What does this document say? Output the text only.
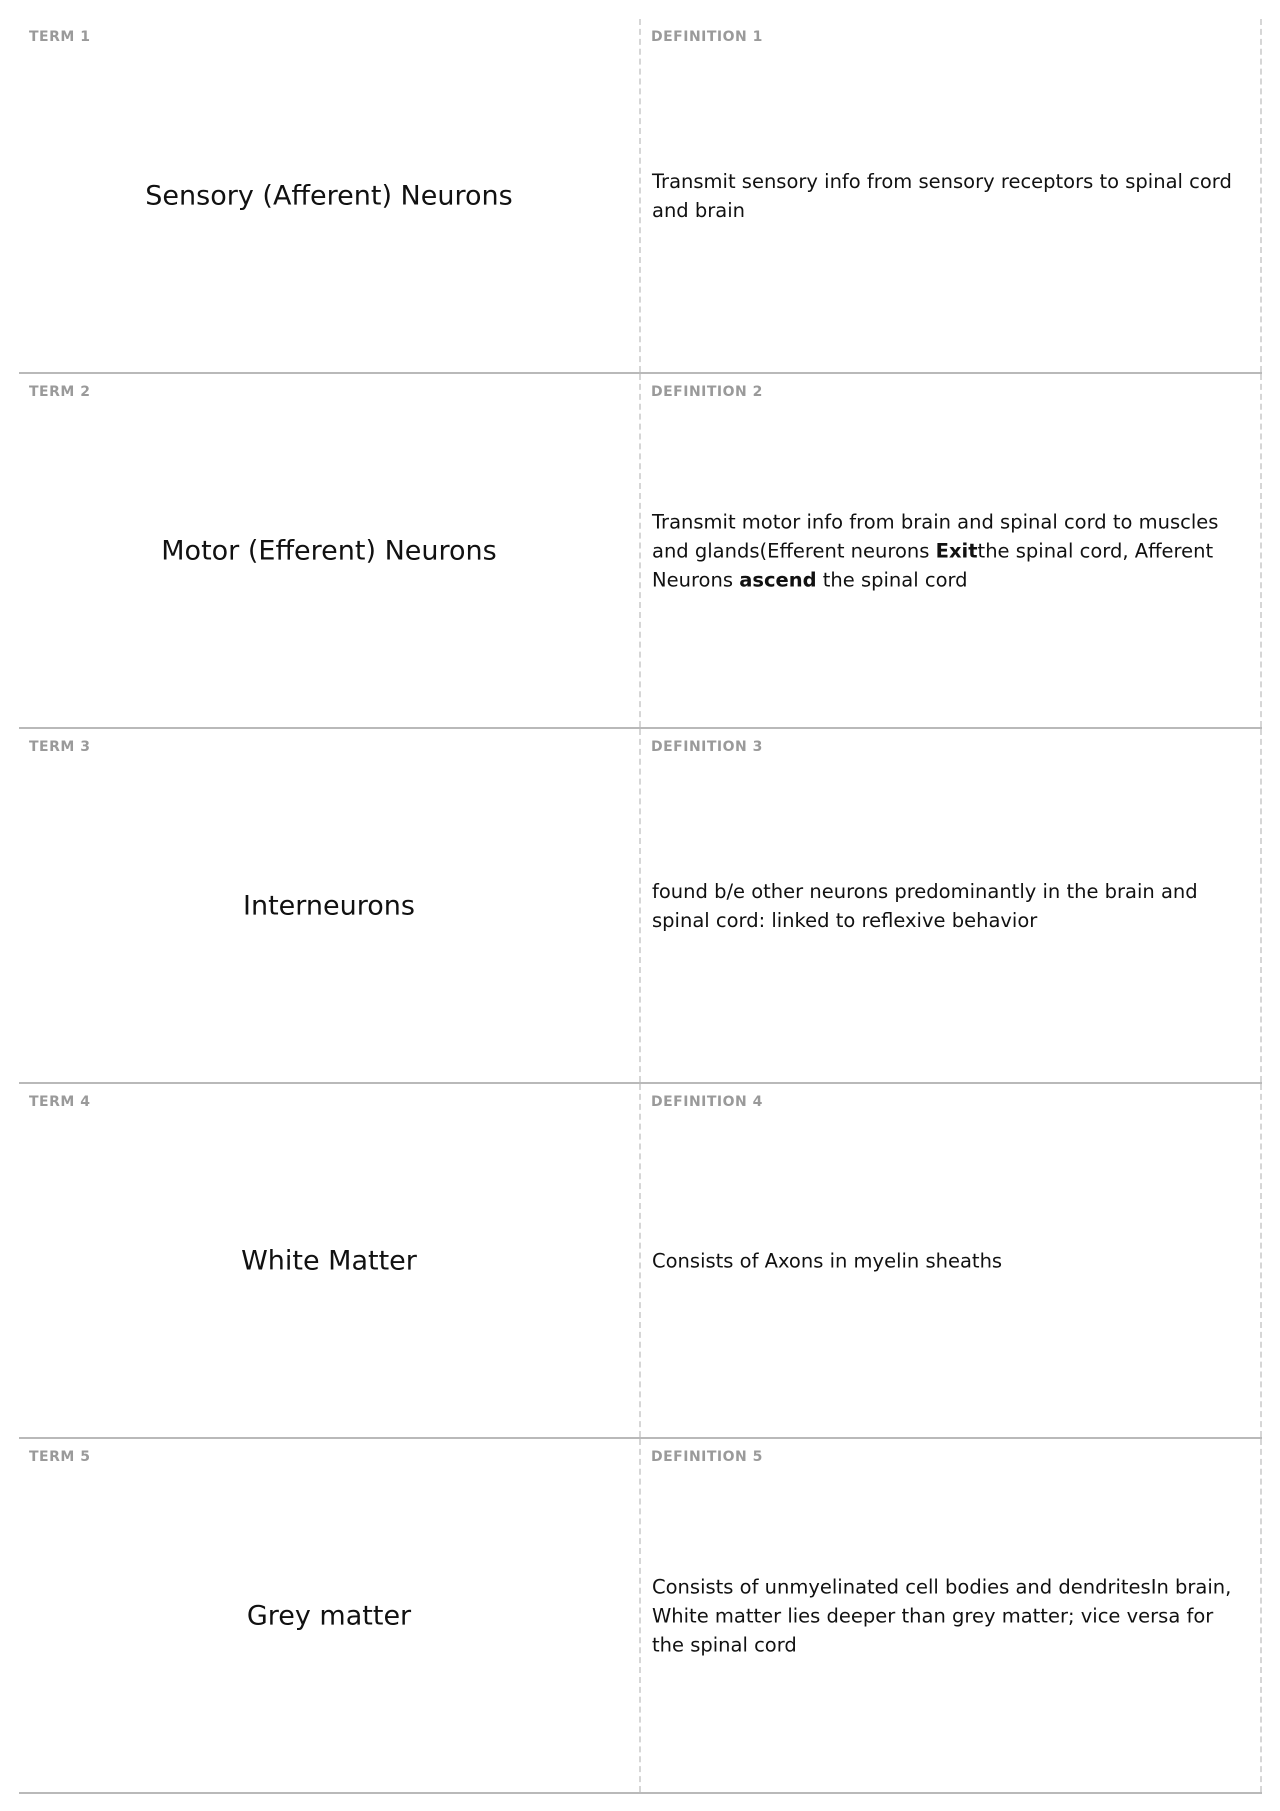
TERM 1
Sensory (Afferent) Neurons
DEFINITION 1
Transmit sensory info from sensory receptors to spinal cord and brain
TERM 2
Motor (Efferent) Neurons
DEFINITION 2
Transmit motor info from brain and spinal cord to muscles and glands(Efferent neurons Exitthe spinal cord, Afferent Neurons ascend the spinal cord
TERM 3
Interneurons
DEFINITION 3
found b/e other neurons predominantly in the brain and spinal cord: linked to reflexive behavior
TERM 4
White Matter
DEFINITION 4
Consists of Axons in myelin sheaths
TERM 5
Grey matter
DEFINITION 5
Consists of unmyelinated cell bodies and dendritesIn brain, White matter lies deeper than grey matter; vice versa for the spinal cord
